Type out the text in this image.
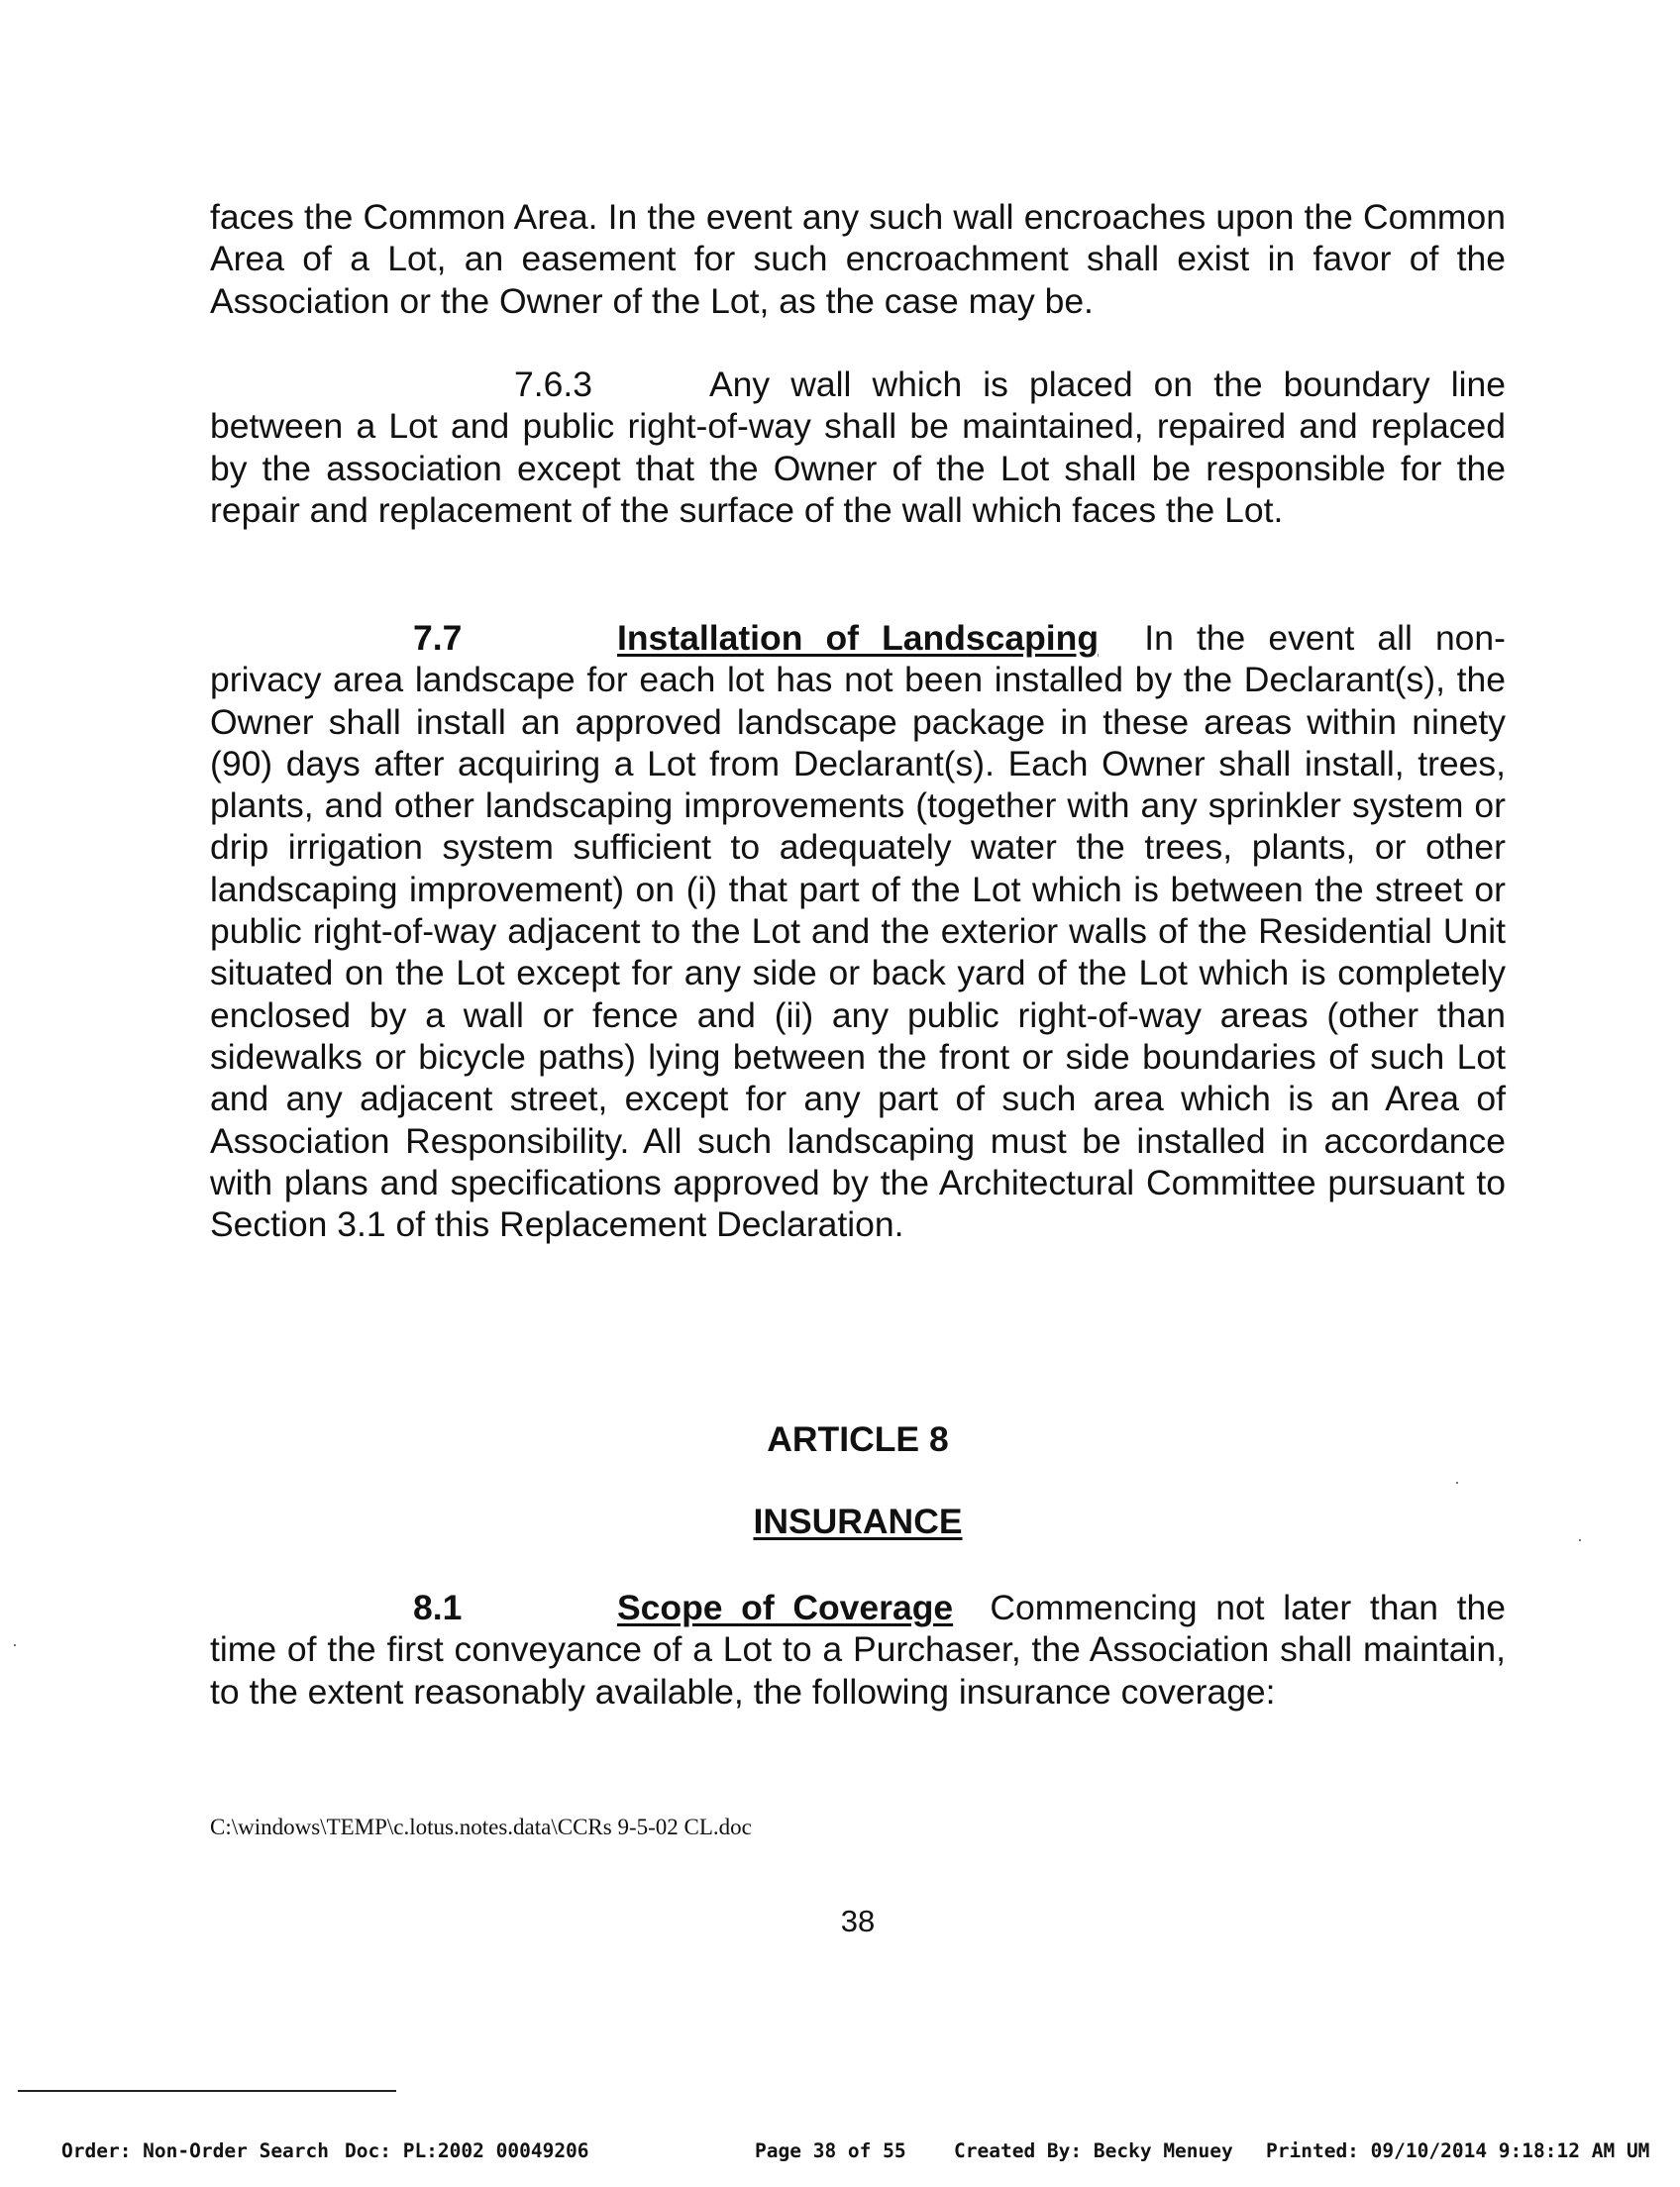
faces the Common Area. In the event any such wall encroaches upon the Common Area of a Lot, an easement for such encroachment shall exist in favor of the Association or the Owner of the Lot, as the case may be.

7.6.3	Any wall which is placed on the boundary line between a Lot and public right-of-way shall be maintained, repaired and replaced by the association except that the Owner of the Lot shall be responsible for the repair and replacement of the surface of the wall which faces the Lot.

7.7	Installation of Landscaping In the event all non-privacy area landscape for each lot has not been installed by the Declarant(s), the Owner shall install an approved landscape package in these areas within ninety (90) days after acquiring a Lot from Declarant(s). Each Owner shall install, trees, plants, and other landscaping improvements (together with any sprinkler system or drip irrigation system sufficient to adequately water the trees, plants, or other landscaping improvement) on (i) that part of the Lot which is between the street or public right-of-way adjacent to the Lot and the exterior walls of the Residential Unit situated on the Lot except for any side or back yard of the Lot which is completely enclosed by a wall or fence and (ii) any public right-of-way areas (other than sidewalks or bicycle paths) lying between the front or side boundaries of such Lot and any adjacent street, except for any part of such area which is an Area of Association Responsibility. All such landscaping must be installed in accordance with plans and specifications approved by the Architectural Committee pursuant to Section 3.1 of this Replacement Declaration.

ARTICLE 8

INSURANCE

8.1	Scope of Coverage Commencing not later than the time of the first conveyance of a Lot to a Purchaser, the Association shall maintain, to the extent reasonably available, the following insurance coverage:

C:\windows\TEMP\c.lotus.notes.data\CCRs 9-5-02 CL.doc
38
Order: Non-Order Search Doc: PL:2002 00049206	Page 38 of 55 Created By: Becky Menuey Printed: 09/10/2014 9:18:12 AM UM
